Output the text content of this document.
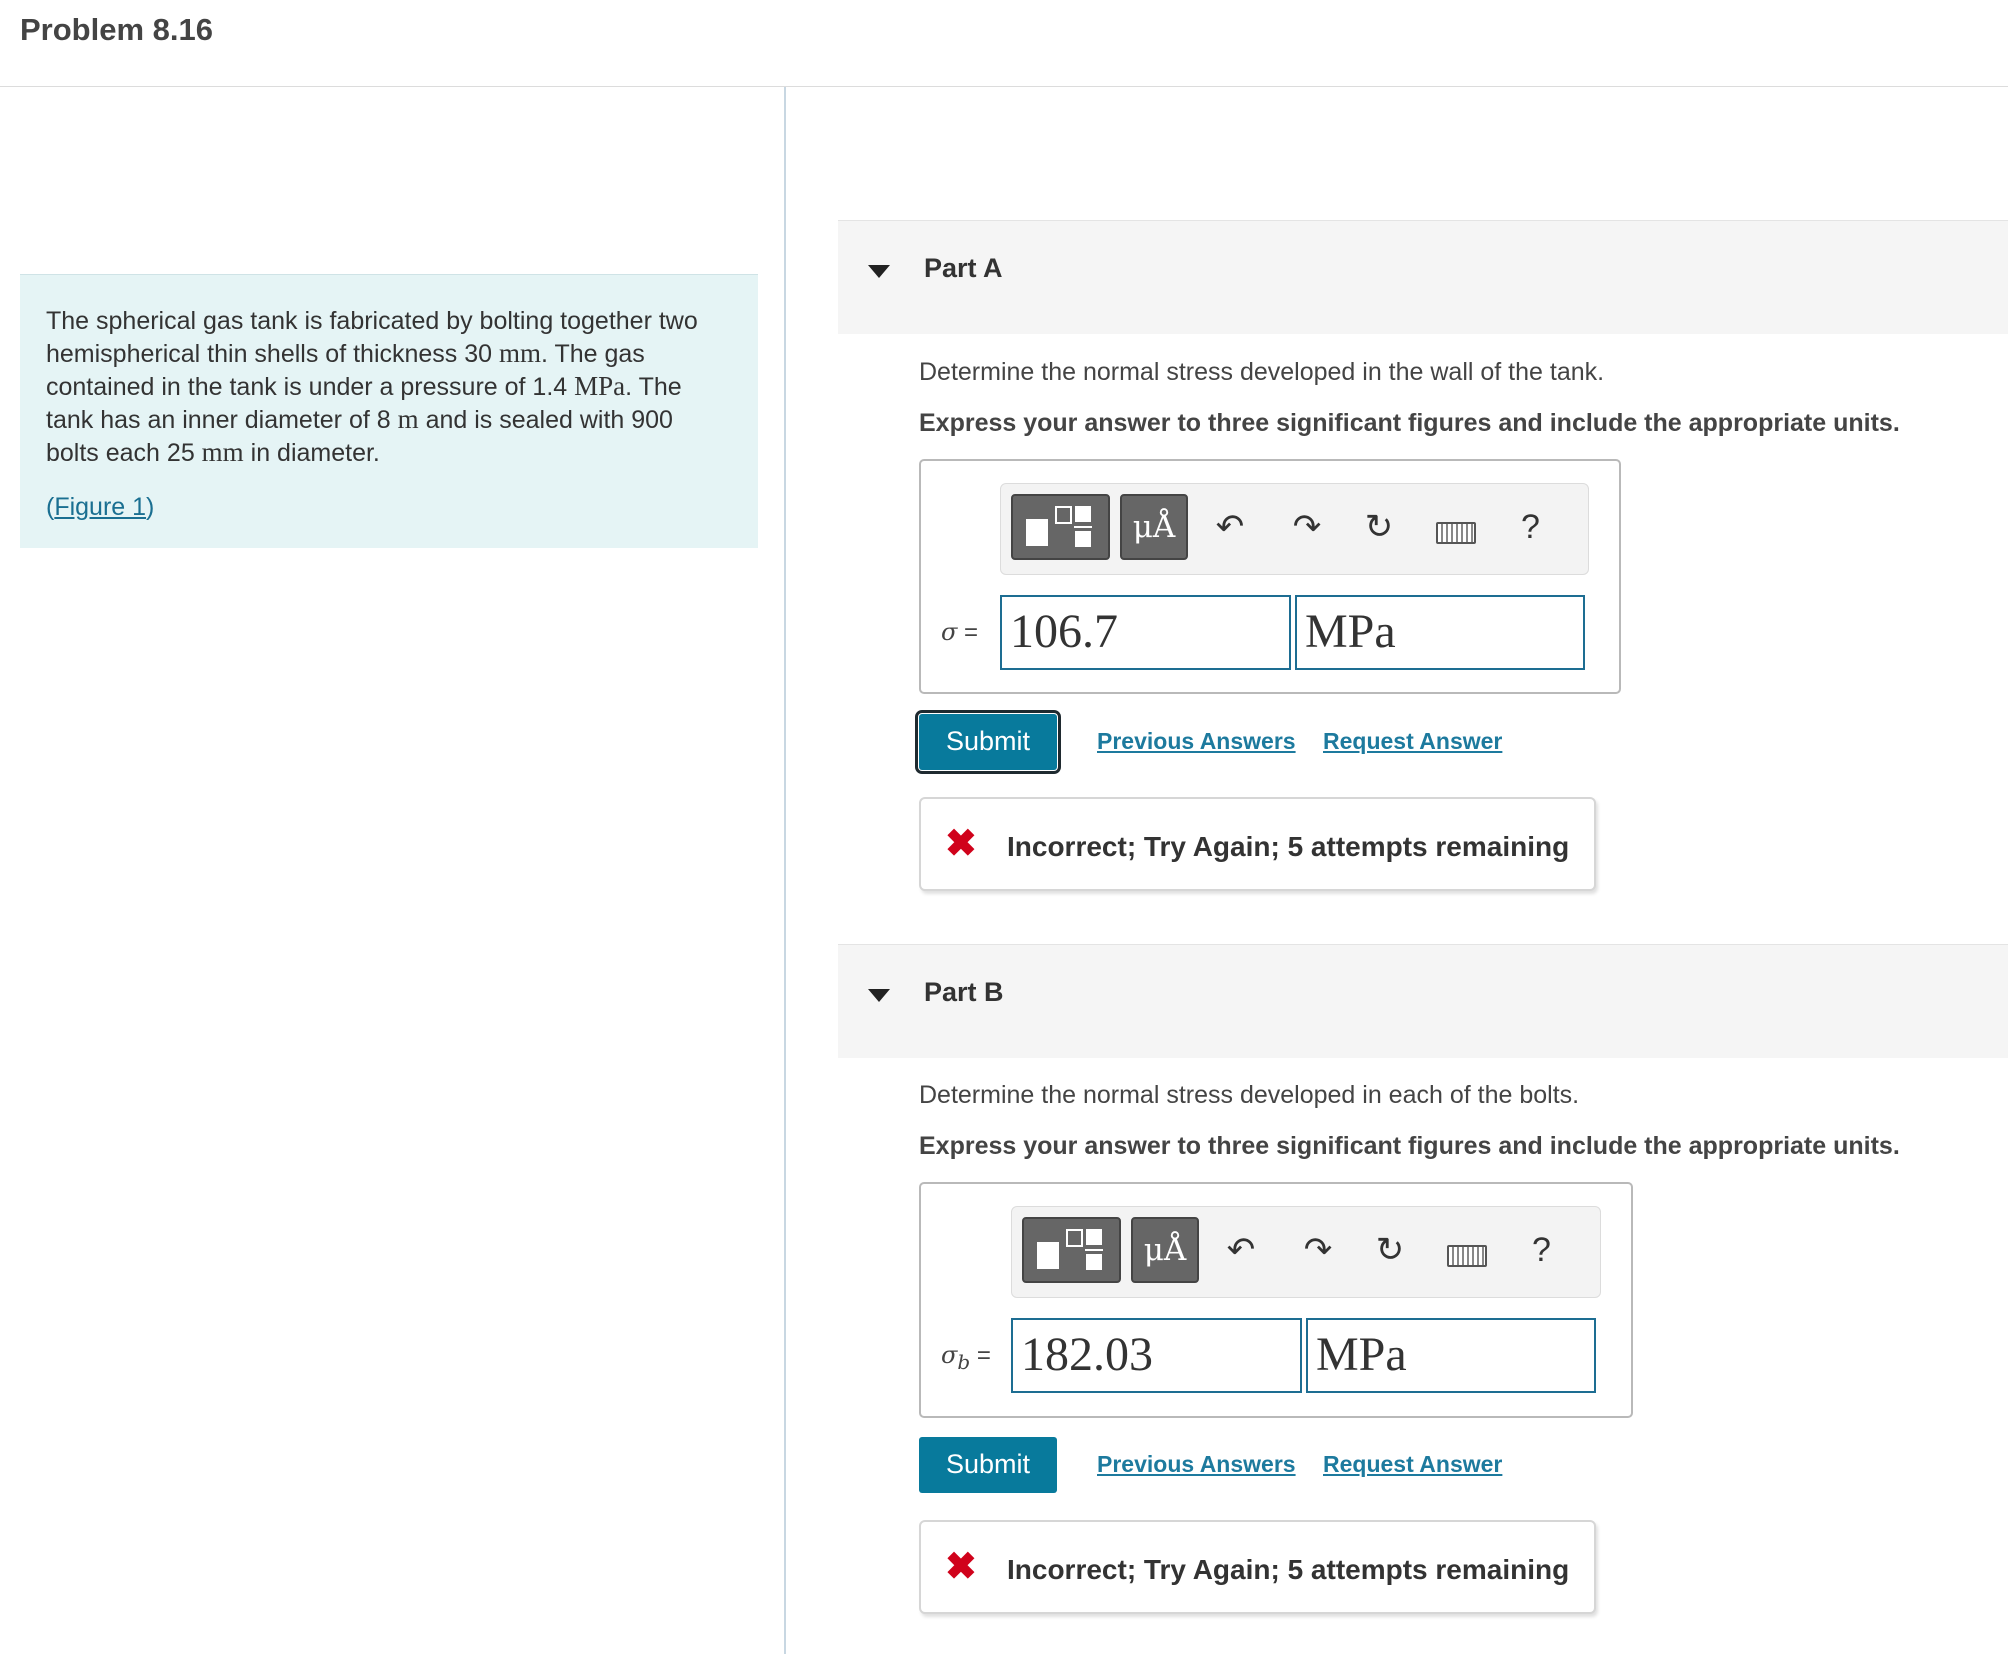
Problem 8.16

The spherical gas tank is fabricated by bolting together two hemispherical thin shells of thickness 30 mm. The gas contained in the tank is under a pressure of 1.4 MPa. The tank has an inner diameter of 8 m and is sealed with 900 bolts each 25 mm in diameter.

(Figure 1)
Part A
Determine the normal stress developed in the wall of the tank.
Express your answer to three significant figures and include the appropriate units.
μÅ	↶ ↷ ↻	?
σ = 106.7	MPa
Submit	Previous Answers Request Answer
✖ Incorrect; Try Again; 5 attempts remaining
Part B
Determine the normal stress developed in each of the bolts.
Express your answer to three significant figures and include the appropriate units.
μÅ	↶ ↷ ↻	?
$\sigma_b = 182.03$	MPa
Submit	Previous Answers Request Answer
✖ Incorrect; Try Again; 5 attempts remaining
